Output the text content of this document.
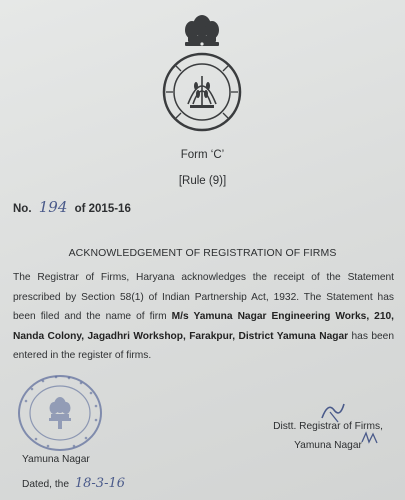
Form ‘C’
[Rule (9)]
No. 194 of 2015-16
ACKNOWLEDGEMENT OF REGISTRATION OF FIRMS
The Registrar of Firms, Haryana acknowledges the receipt of the Statement prescribed by Section 58(1) of Indian Partnership Act, 1932. The Statement has been filed and the name of firm M/s Yamuna Nagar Engineering Works, 210, Nanda Colony, Jagadhri Workshop, Farakpur, District Yamuna Nagar has been entered in the register of firms.
Distt. Registrar of Firms,
Yamuna Nagar
Yamuna Nagar
Dated, the 18-3-16
